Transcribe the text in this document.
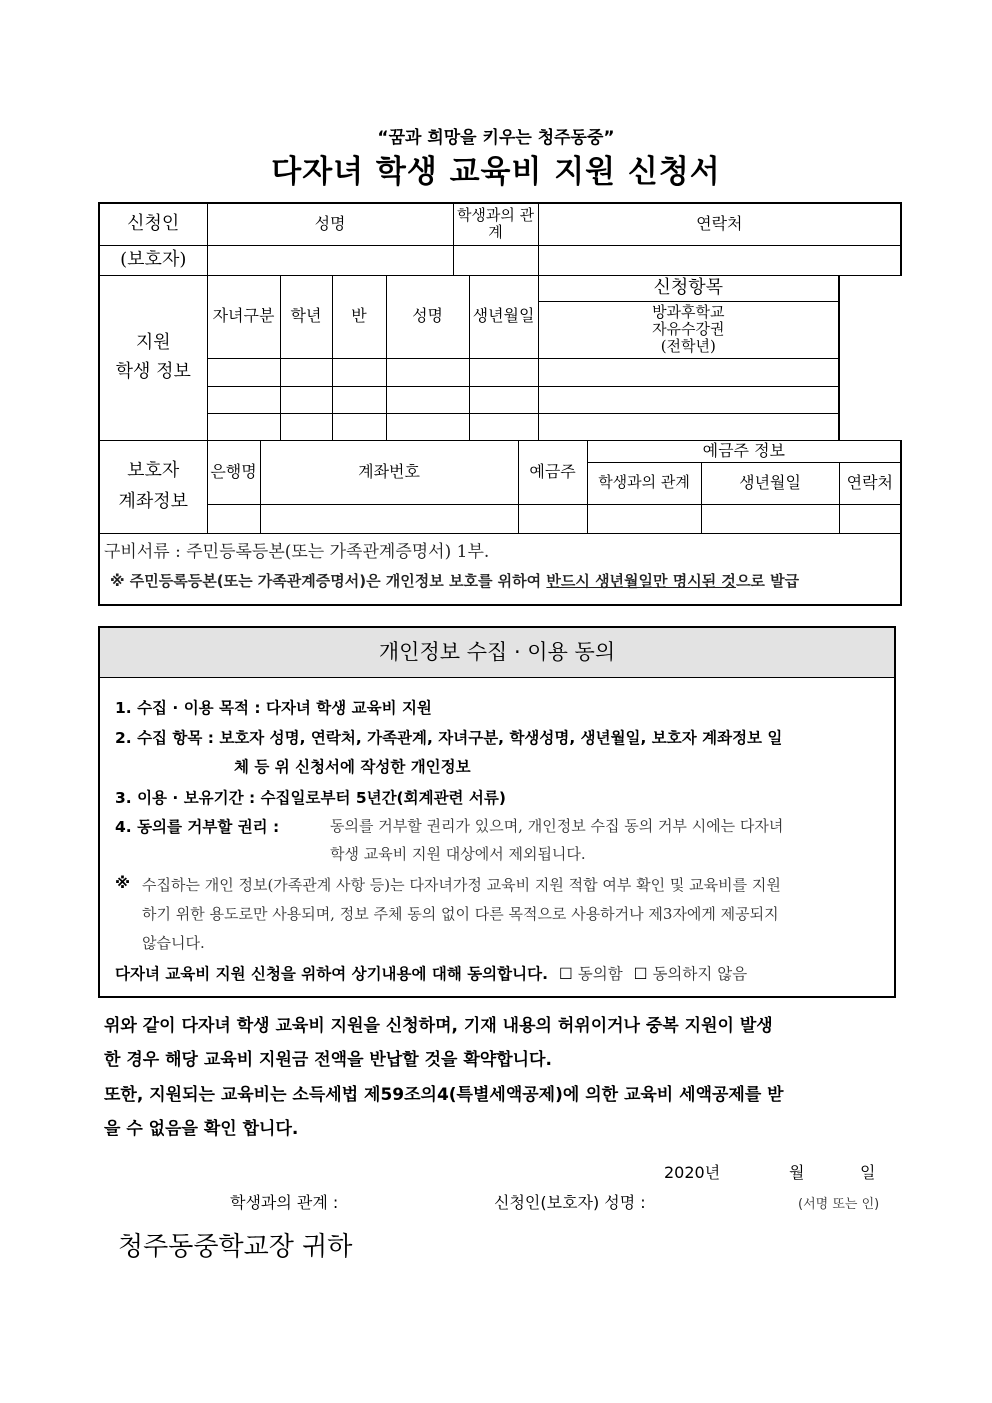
“꿈과 희망을 키우는 청주동중”
다자녀 학생 교육비 지원 신청서
신청인	성명					학생과의 관계			연락처			
(보호자)												

지원
학생 정보	자녀구분		학년	반	성명		생년월일		신청항목			

									방과후학교
자유수강권
(전학년)			

보호자
계좌정보	은행명	계좌번호						예금주		예금주 정보		
										학생과의 관계	생년월일	연락처

구비서류 : 주민등록등본(또는 가족관계증명서) 1부.
※ 주민등록등본(또는 가족관계증명서)은 개인정보 보호를 위하여 반드시 생년월일만 명시된 것으로 발급												
개인정보 수집 · 이용 동의
1. 수집 · 이용 목적 : 다자녀 학생 교육비 지원
2. 수집 항목 : 보호자 성명, 연락처, 가족관계, 자녀구분, 학생성명, 생년월일, 보호자 계좌정보 일
체 등 위 신청서에 작성한 개인정보
3. 이용 · 보유기간 : 수집일로부터 5년간(회계관련 서류)
4. 동의를 거부할 권리 :	동의를 거부할 권리가 있으며, 개인정보 수집 동의 거부 시에는 다자녀
학생 교육비 지원 대상에서 제외됩니다.
※ 수집하는 개인 정보(가족관계 사항 등)는 다자녀가정 교육비 지원 적합 여부 확인 및 교육비를 지원
하기 위한 용도로만 사용되며, 정보 주체 동의 없이 다른 목적으로 사용하거나 제3자에게 제공되지
않습니다.
다자녀 교육비 지원 신청을 위하여 상기내용에 대해 동의합니다. ☐ 동의함 ☐ 동의하지 않음
위와 같이 다자녀 학생 교육비 지원을 신청하며, 기재 내용의 허위이거나 중복 지원이 발생
한 경우 해당 교육비 지원금 전액을 반납할 것을 확약합니다.
또한, 지원되는 교육비는 소득세법 제59조의4(특별세액공제)에 의한 교육비 세액공제를 받
을 수 없음을 확인 합니다.
2020년	월	일
학생과의 관계 :	신청인(보호자) 성명 :	(서명 또는 인)
청주동중학교장 귀하
